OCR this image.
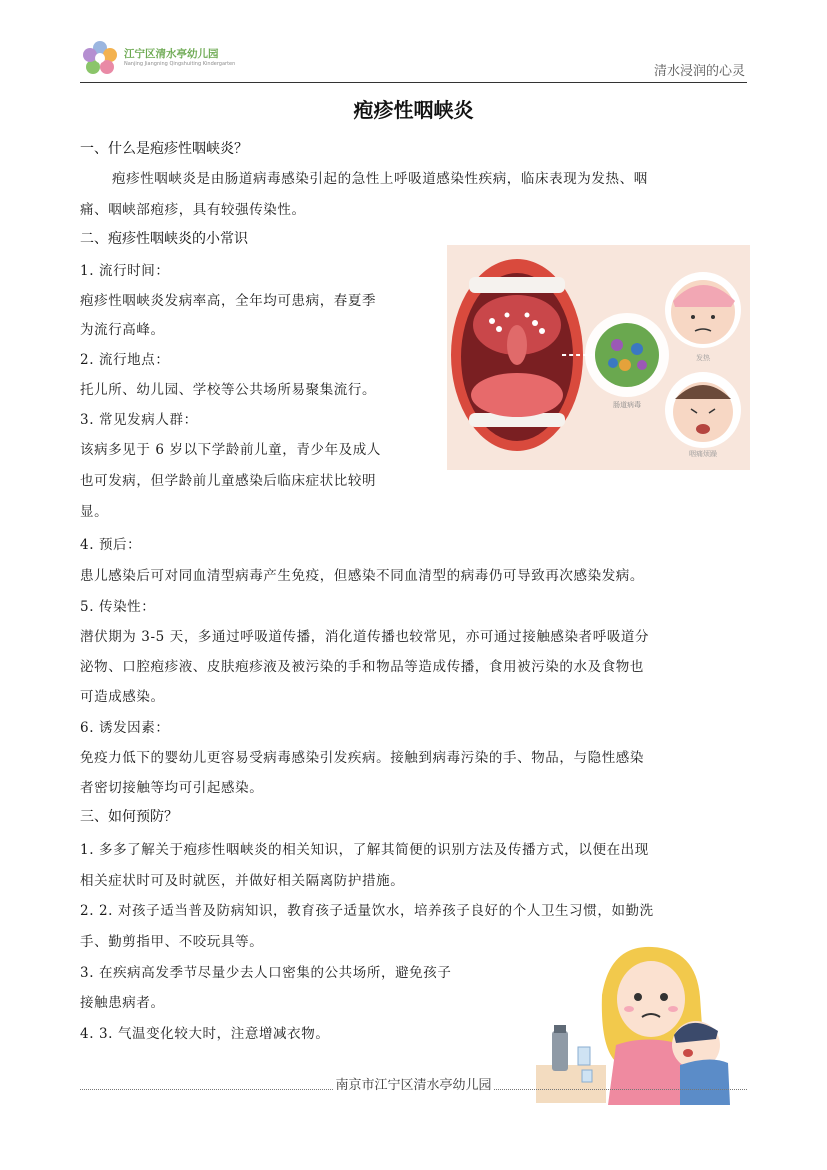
江宁区清水亭幼儿园
Nanjing Jiangning Qingshuiting Kindergarten	清水浸润的心灵
疱疹性咽峡炎
一、什么是疱疹性咽峡炎？
疱疹性咽峡炎是由肠道病毒感染引起的急性上呼吸道感染性疾病，临床表现为发热、咽
痛、咽峡部疱疹，具有较强传染性。
二、疱疹性咽峡炎的小常识
1. 流行时间：
疱疹性咽峡炎发病率高，全年均可患病，春夏季
为流行高峰。
2. 流行地点：
托儿所、幼儿园、学校等公共场所易聚集流行。
3. 常见发病人群：
该病多见于 6 岁以下学龄前儿童，青少年及成人
也可发病，但学龄前儿童感染后临床症状比较明
显。
肠道病毒
发热
咽痛烦躁
4. 预后：
患儿感染后可对同血清型病毒产生免疫，但感染不同血清型的病毒仍可导致再次感染发病。
5. 传染性：
潜伏期为 3-5 天，多通过呼吸道传播，消化道传播也较常见，亦可通过接触感染者呼吸道分
泌物、口腔疱疹液、皮肤疱疹液及被污染的手和物品等造成传播，食用被污染的水及食物也
可造成感染。
6. 诱发因素：
免疫力低下的婴幼儿更容易受病毒感染引发疾病。接触到病毒污染的手、物品，与隐性感染
者密切接触等均可引起感染。
三、如何预防？
1. 多多了解关于疱疹性咽峡炎的相关知识，了解其简便的识别方法及传播方式，以便在出现
相关症状时可及时就医，并做好相关隔离防护措施。
2. 2. 对孩子适当普及防病知识，教育孩子适量饮水，培养孩子良好的个人卫生习惯，如勤洗
手、勤剪指甲、不咬玩具等。
3. 在疾病高发季节尽量少去人口密集的公共场所，避免孩子
接触患病者。
4. 3. 气温变化较大时，注意增减衣物。
南京市江宁区清水亭幼儿园
